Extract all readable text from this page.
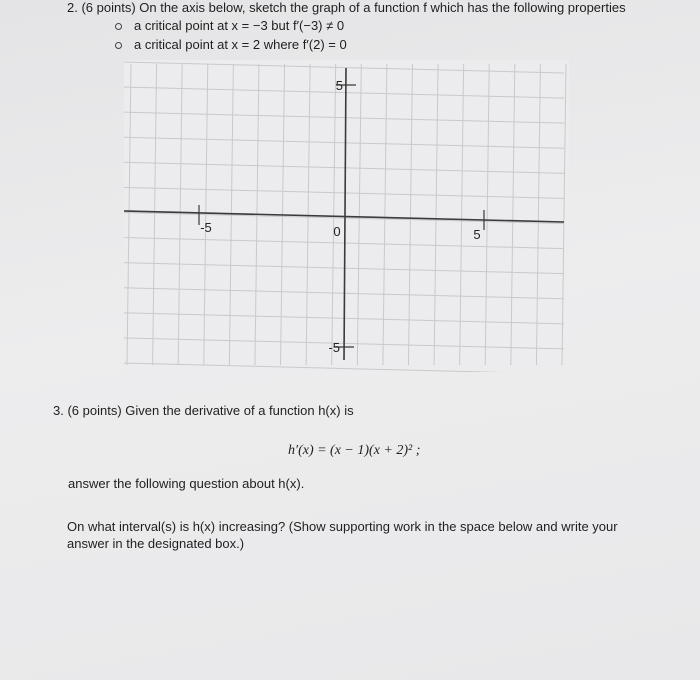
2. (6 points) On the axis below, sketch the graph of a function f which has the following properties
a critical point at x = −3 but f′(−3) ≠ 0
a critical point at x = 2 where f′(2) = 0
-5	0	5
5
-5
3. (6 points) Given the derivative of a function h(x) is
h′(x) = (x − 1)(x + 2)² ;
answer the following question about h(x).
On what interval(s) is h(x) increasing? (Show supporting work in the space below and write your answer in the designated box.)
